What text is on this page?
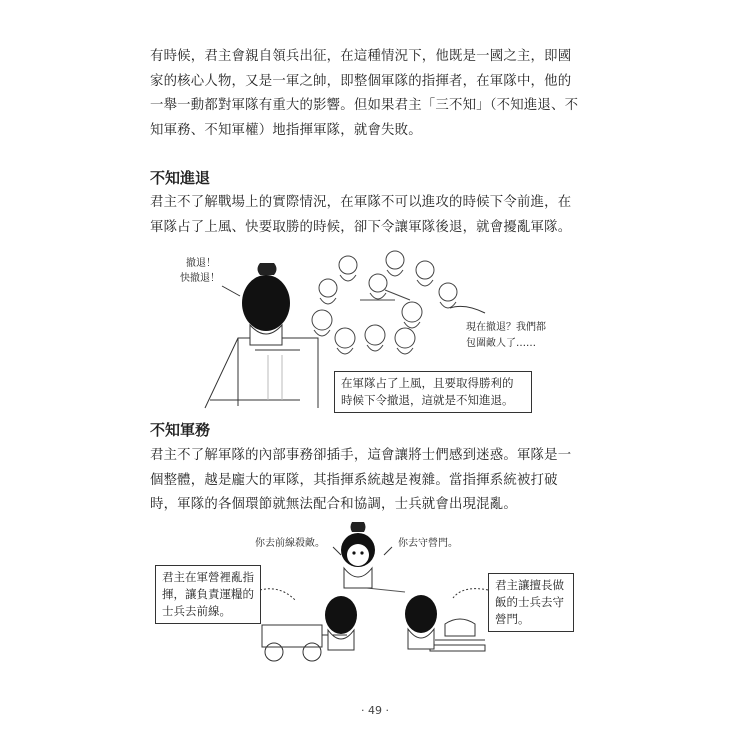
有時候，君主會親自領兵出征，在這種情況下，他既是一國之主，即國家的核心人物，又是一軍之帥，即整個軍隊的指揮者，在軍隊中，他的一舉一動都對軍隊有重大的影響。但如果君主「三不知」（不知進退、不知軍務、不知軍權）地指揮軍隊，就會失敗。

不知進退

君主不了解戰場上的實際情況，在軍隊不可以進攻的時候下令前進，在軍隊占了上風、快要取勝的時候，卻下令讓軍隊後退，就會擾亂軍隊。

撤退！
快撤退！
現在撤退？我們都
包圍敵人了……
在軍隊占了上風，且要取得勝利的
時候下令撤退，這就是不知進退。
不知軍務

君主不了解軍隊的內部事務卻插手，這會讓將士們感到迷惑。軍隊是一個整體，越是龐大的軍隊，其指揮系統越是複雜。當指揮系統被打破時，軍隊的各個環節就無法配合和協調，士兵就會出現混亂。

你去前線殺敵。	你去守營門。
君主在軍營裡亂指
揮，讓負責運糧的
士兵去前線。
君主讓擅長做
飯的士兵去守
營門。
· 49 ·
